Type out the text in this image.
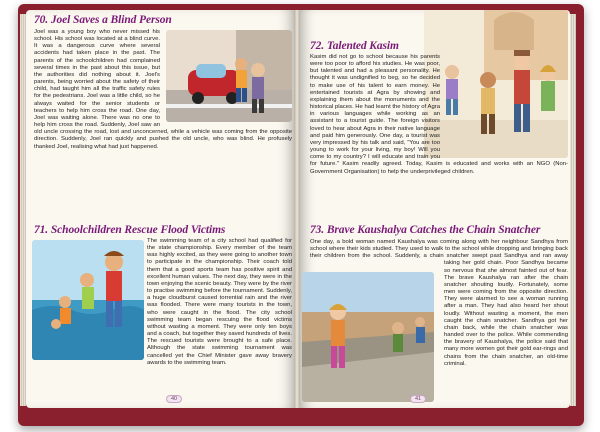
70. Joel Saves a Blind Person
Joel was a young boy who never missed his school. His school was located at a blind curve. It was a dangerous curve where several accidents had taken place in the past. The parents of the schoolchildren had complained several times in the past about this issue, but the authorities did nothing about it. Joel's parents, being worried about the safety of their child, had taught him all the traffic safety rules for the pedestrians. Joel was a little child, so he always waited for the senior students or teachers to help him cross the road. One day, Joel was waiting alone. There was no one to help him cross the road. Suddenly, Joel saw an old uncle crossing the road, lost and unconcerned, while a vehicle was coming from the opposite direction. Suddenly, Joel ran quickly and pushed the old uncle, who was blind. He profusely thanked Joel, realising what had just happened.
71. Schoolchildren Rescue Flood Victims
The swimming team of a city school had qualified for the state championship. Every member of the team was highly excited, as they were going to another town to participate in the championship. Their coach told them that a good sports team has positive spirit and excellent human values. The next day, they were in the town enjoying the scenic beauty. They were by the river to practise swimming before the tournament. Suddenly, a huge cloudburst caused torrential rain and the river was flooded. There were many tourists in the town, who were caught in the flood. The city school swimming team began rescuing the flood victims without wasting a moment. They were only ten boys and a coach, but together they saved hundreds of lives. The rescued tourists were brought to a safe place. Although the state swimming tournament was cancelled yet the Chief Minister gave away bravery awards to the swimming team.
40
72. Talented Kasim
Kasim did not go to school because his parents were too poor to afford his studies. He was poor, but talented and had a pleasant personality. He thought it was undignified to beg, so he decided to make use of his talent to earn money. He entertained tourists at Agra by showing and explaining them about the monuments and the historical places. He had learnt the history of Agra in various languages while working as an assistant to a tourist guide. The foreign visitors loved to hear about Agra in their native language and paid him generously. One day, a tourist was very impressed by his talk and said, "You are too young to work for your living, my boy! Will you come to my country? I will educate and train you for future." Kasim readily agreed. Today, Kasim is educated and works with an NGO (Non-Government Organisation) to help the underprivileged children.
73. Brave Kaushalya Catches the Chain Snatcher
One day, a bold woman named Kaushalya was coming along with her neighbour Sandhya from school where their kids studied. They used to walk to the school while dropping and bringing back their children from the school. Suddenly, a chain snatcher swept past Sandhya and ran away taking her gold chain. Poor Sandhya became so nervous that she almost fainted out of fear. The brave Kaushalya ran after the chain snatcher shouting loudly. Fortunately, some men were coming from the opposite direction. They were alarmed to see a woman running after a man. They had also heard her shout loudly. Without wasting a moment, the men caught the chain snatcher. Sandhya got her chain back, while the chain snatcher was handed over to the police. While commending the bravery of Kaushalya, the police said that many more women got their gold ear-rings and chains from the chain snatcher, an old-time criminal.
41
